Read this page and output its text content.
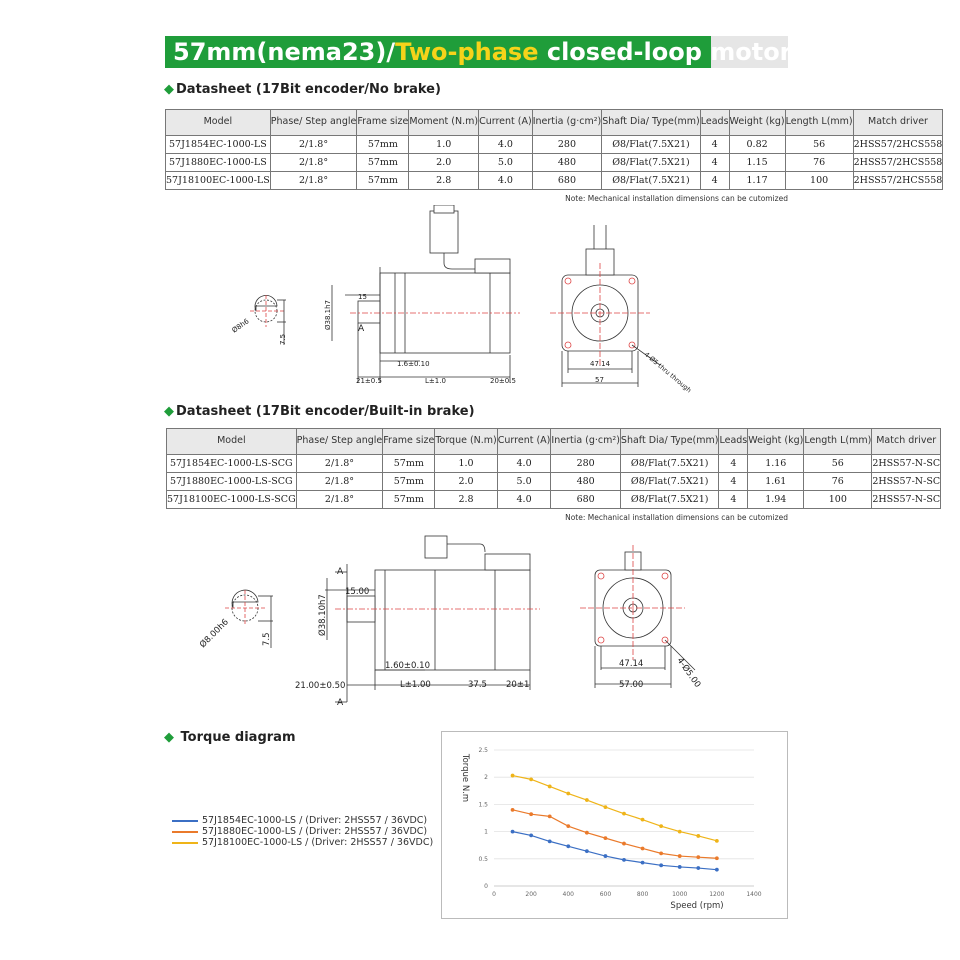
57mm(nema23)/Two-phase closed-loop motor
◆ Datasheet (17Bit encoder/No brake)
Model	Phase/ Step angle	Frame size	Moment (N.m)	Current (A)	Inertia (g·cm²)	Shaft Dia/ Type(mm)	Leads	Weight (kg)	Length L(mm)	Match driver
57J1854EC-1000-LS	2/1.8°	57mm	1.0	4.0	280	Ø8/Flat(7.5X21)	4	0.82	56	2HSS57/2HCS558
57J1880EC-1000-LS	2/1.8°	57mm	2.0	5.0	480	Ø8/Flat(7.5X21)	4	1.15	76	2HSS57/2HCS558
57J18100EC-1000-LS	2/1.8°	57mm	2.8	4.0	680	Ø8/Flat(7.5X21)	4	1.17	100	2HSS57/2HCS558
Note: Mechanical installation dimensions can be cutomized
Ø8h6
7.5
Ø38.1h7
15
A
1.6±0.10
21±0.5	L±1.0	20±0.5
47.14
57	4-Ø5 thru through
◆ Datasheet (17Bit encoder/Built-in brake)
Model	Phase/ Step angle	Frame size	Torque (N.m)	Current (A)	Inertia (g·cm²)	Shaft Dia/ Type(mm)	Leads	Weight (kg)	Length L(mm)	Match driver
57J1854EC-1000-LS-SCG	2/1.8°	57mm	1.0	4.0	280	Ø8/Flat(7.5X21)	4	1.16	56	2HSS57-N-SC
57J1880EC-1000-LS-SCG	2/1.8°	57mm	2.0	5.0	480	Ø8/Flat(7.5X21)	4	1.61	76	2HSS57-N-SC
57J18100EC-1000-LS-SCG	2/1.8°	57mm	2.8	4.0	680	Ø8/Flat(7.5X21)	4	1.94	100	2HSS57-N-SC
Note: Mechanical installation dimensions can be cutomized
Ø8.00h6	7.5
Ø38.10h7
15.00
A
A
1.60±0.10
21.00±0.50	L±1.00	37.5 20±1
47.14
57.00	4-Ø5.00
◆ Torque diagram
57J1854EC-1000-LS / (Driver: 2HSS57 / 36VDC)
57J1880EC-1000-LS / (Driver: 2HSS57 / 36VDC)
57J18100EC-1000-LS / (Driver: 2HSS57 / 36VDC)
0
0.5
1
1.5
2
2.5
0	200	400	600	800	1000	1200	1400
Speed (rpm)
Torque N.m
